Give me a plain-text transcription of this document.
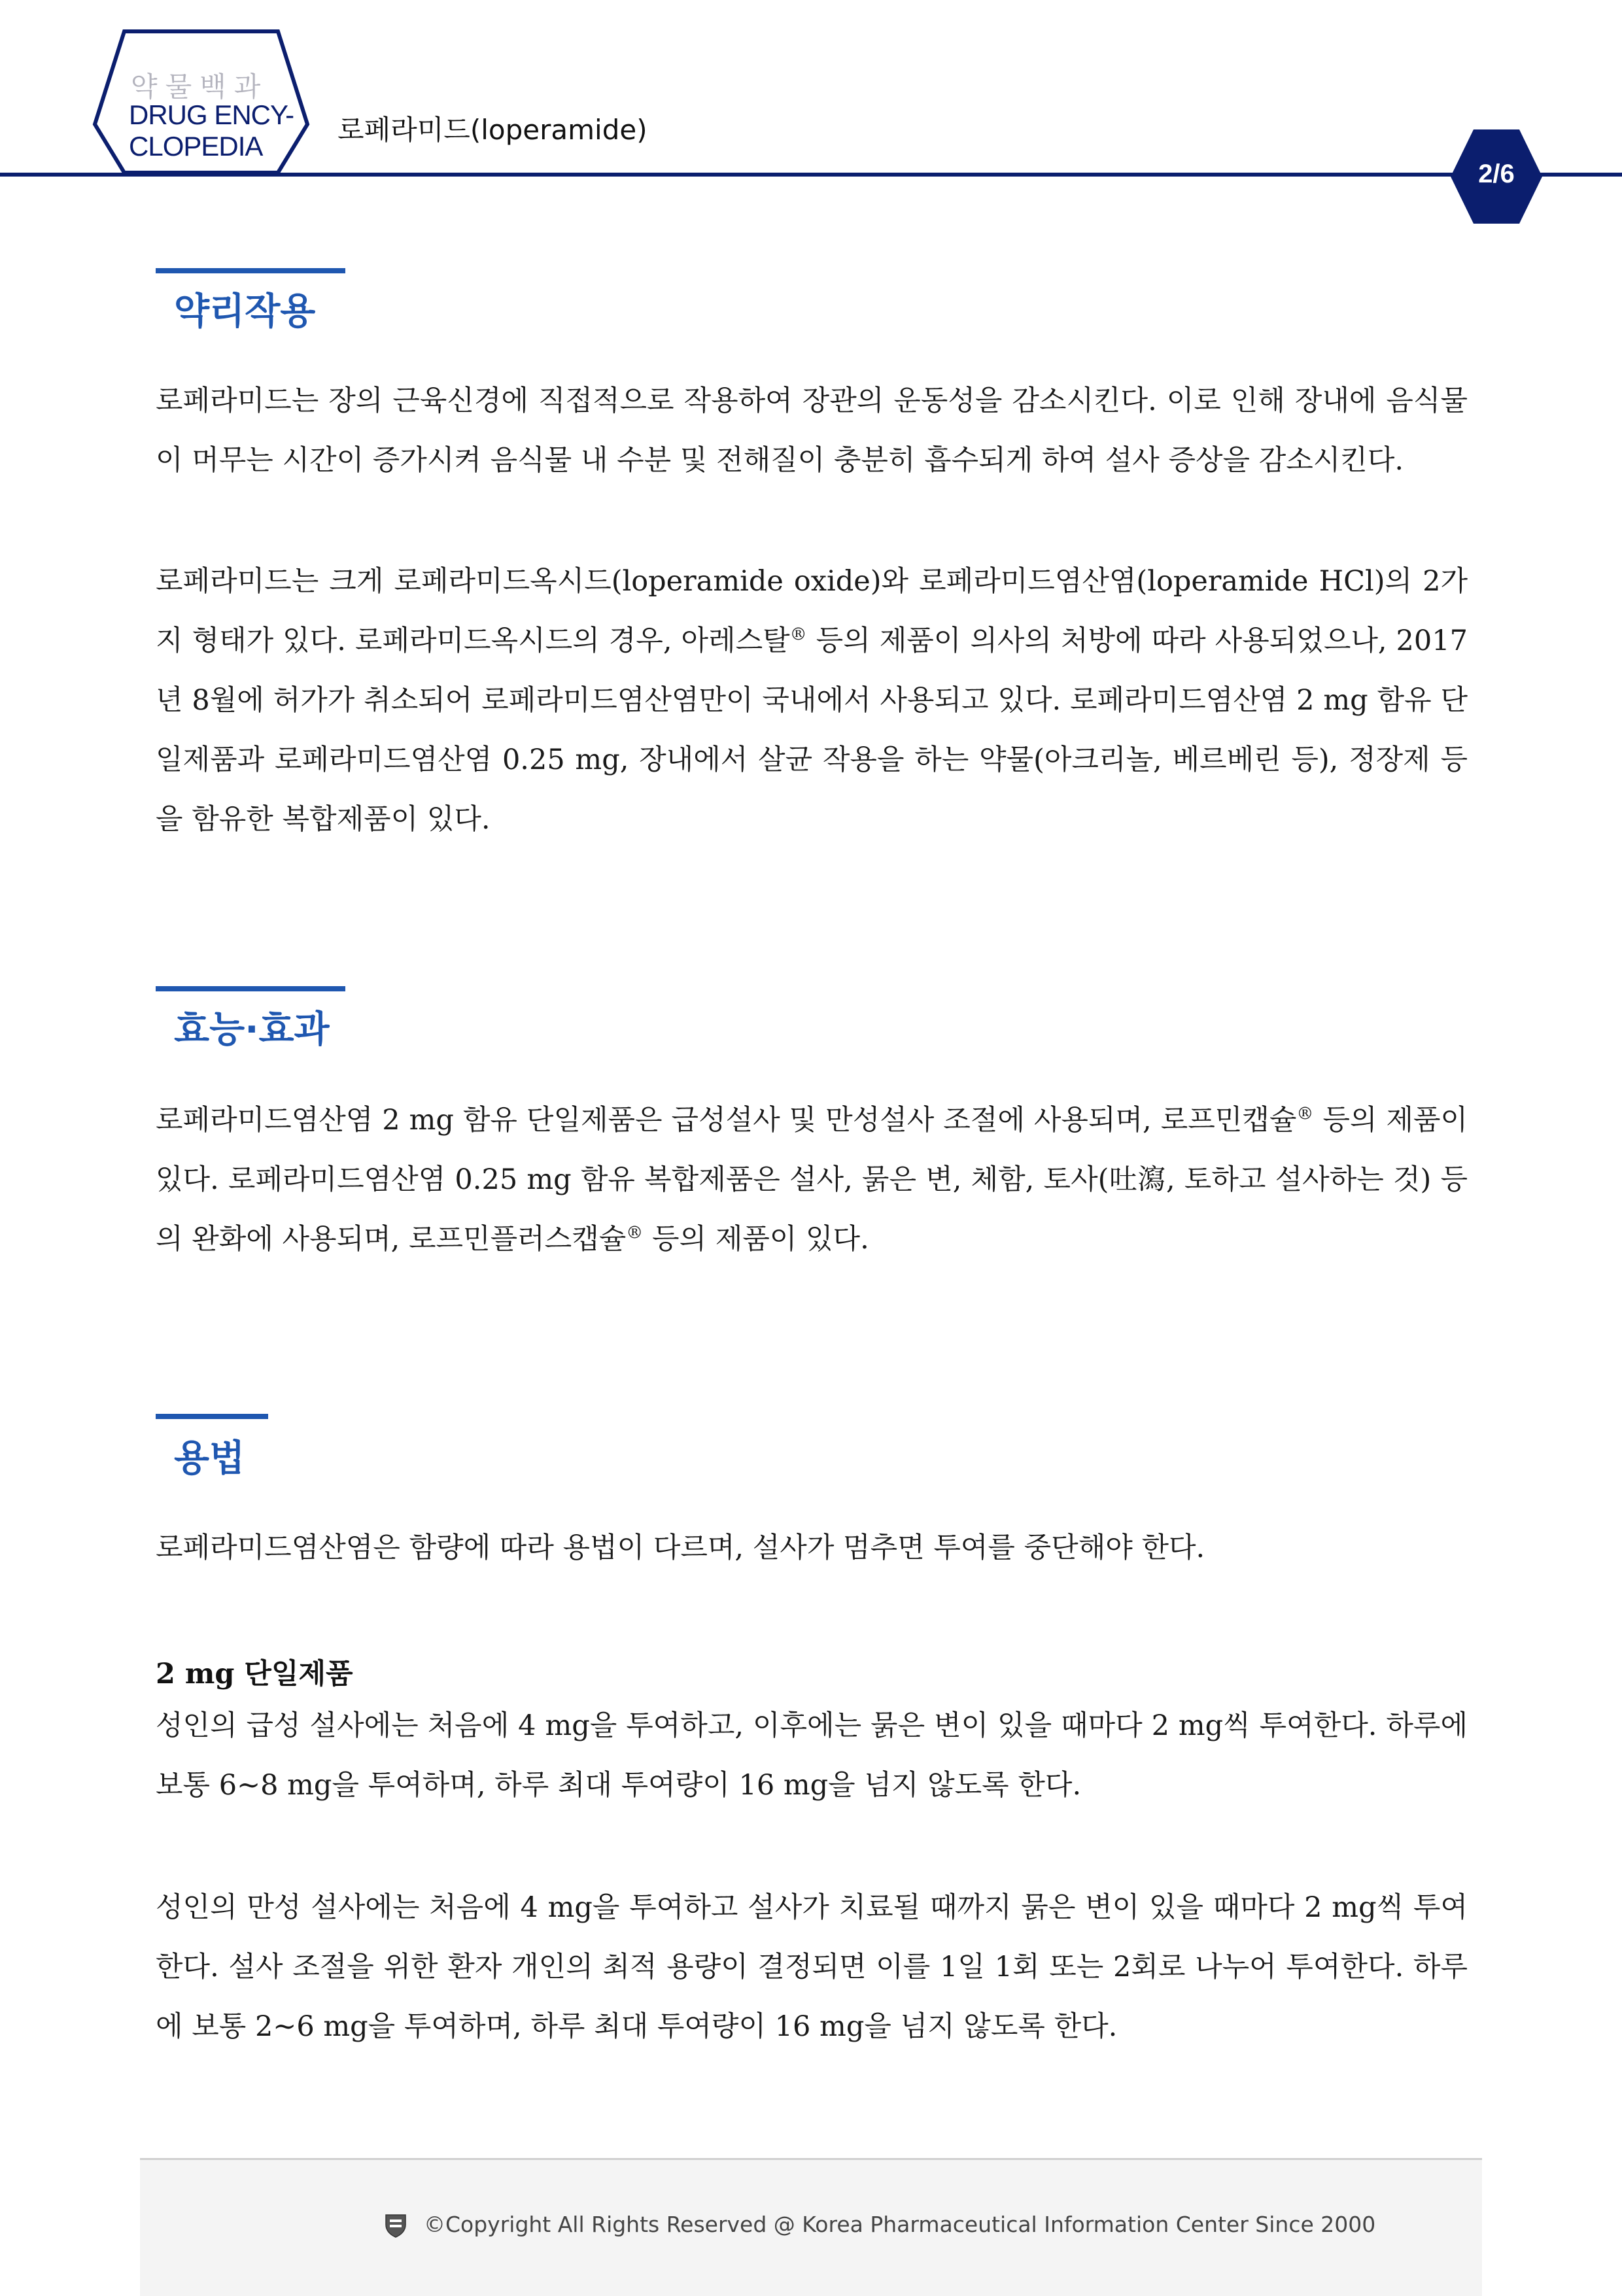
약물백과
DRUG ENCY-
CLOPEDIA
로페라미드(loperamide)
2/6
약리작용

로페라미드는 장의 근육신경에 직접적으로 작용하여 장관의 운동성을 감소시킨다. 이로 인해 장내에 음식물이 머무는 시간이 증가시켜 음식물 내 수분 및 전해질이 충분히 흡수되게 하여 설사 증상을 감소시킨다.

로페라미드는 크게 로페라미드옥시드(loperamide oxide)와 로페라미드염산염(loperamide HCl)의 2가지 형태가 있다. 로페라미드옥시드의 경우, 아레스탈® 등의 제품이 의사의 처방에 따라 사용되었으나, 2017년 8월에 허가가 취소되어 로페라미드염산염만이 국내에서 사용되고 있다. 로페라미드염산염 2 mg 함유 단일제품과 로페라미드염산염 0.25 mg, 장내에서 살균 작용을 하는 약물(아크리놀, 베르베린 등), 정장제 등을 함유한 복합제품이 있다.

효능·효과

로페라미드염산염 2 mg 함유 단일제품은 급성설사 및 만성설사 조절에 사용되며, 로프민캡슐® 등의 제품이 있다. 로페라미드염산염 0.25 mg 함유 복합제품은 설사, 묽은 변, 체함, 토사(吐瀉, 토하고 설사하는 것) 등의 완화에 사용되며, 로프민플러스캡슐® 등의 제품이 있다.

용법

로페라미드염산염은 함량에 따라 용법이 다르며, 설사가 멈추면 투여를 중단해야 한다.

2 mg 단일제품

성인의 급성 설사에는 처음에 4 mg을 투여하고, 이후에는 묽은 변이 있을 때마다 2 mg씩 투여한다. 하루에 보통 6~8 mg을 투여하며, 하루 최대 투여량이 16 mg을 넘지 않도록 한다.

성인의 만성 설사에는 처음에 4 mg을 투여하고 설사가 치료될 때까지 묽은 변이 있을 때마다 2 mg씩 투여한다. 설사 조절을 위한 환자 개인의 최적 용량이 결정되면 이를 1일 1회 또는 2회로 나누어 투여한다. 하루에 보통 2~6 mg을 투여하며, 하루 최대 투여량이 16 mg을 넘지 않도록 한다.

©Copyright All Rights Reserved @ Korea Pharmaceutical Information Center Since 2000
